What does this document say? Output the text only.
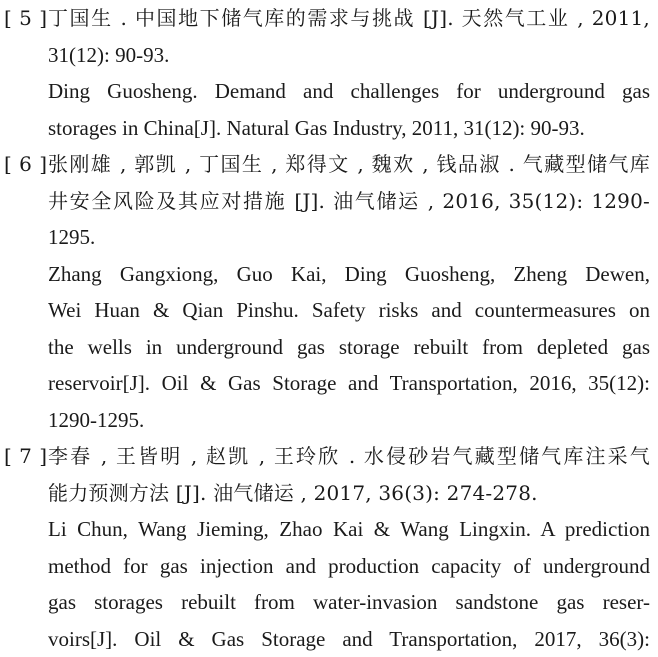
[ 5 ] 丁国生 . 中国地下储气库的需求与挑战 [J]. 天然气工业 , 2011,
31(12): 90-93.
Ding Guosheng. Demand and challenges for underground gas
storages in China[J]. Natural Gas Industry, 2011, 31(12): 90-93.
[ 6 ] 张刚雄 , 郭凯 , 丁国生 , 郑得文 , 魏欢 , 钱品淑 . 气藏型储气库
井安全风险及其应对措施 [J]. 油气储运 , 2016, 35(12): 1290-
1295.
Zhang Gangxiong, Guo Kai, Ding Guosheng, Zheng Dewen,
Wei Huan & Qian Pinshu. Safety risks and countermeasures on
the wells in underground gas storage rebuilt from depleted gas
reservoir[J]. Oil & Gas Storage and Transportation, 2016, 35(12):
1290-1295.
[ 7 ] 李春 , 王皆明 , 赵凯 , 王玲欣 . 水侵砂岩气藏型储气库注采气
能力预测方法 [J]. 油气储运 , 2017, 36(3): 274-278.
Li Chun, Wang Jieming, Zhao Kai & Wang Lingxin. A prediction
method for gas injection and production capacity of underground
gas storages rebuilt from water-invasion sandstone gas reser-
voirs[J]. Oil & Gas Storage and Transportation, 2017, 36(3):
